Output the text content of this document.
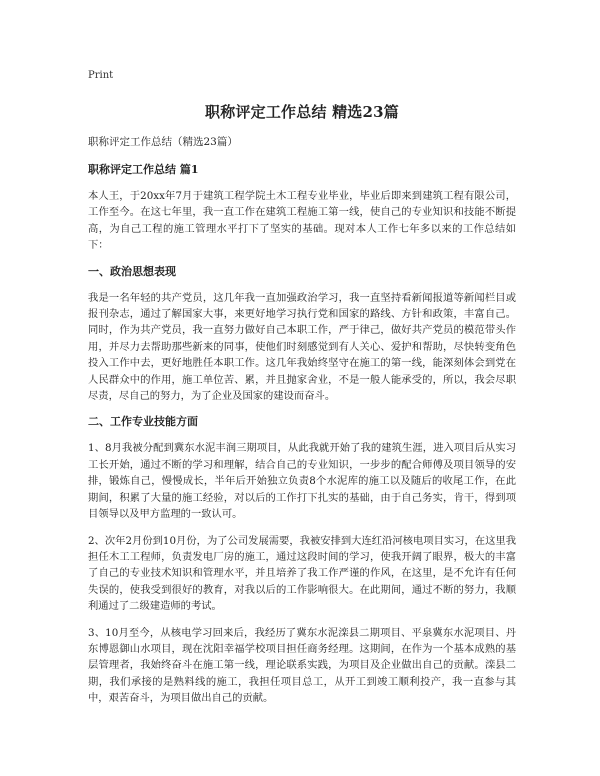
Print
职称评定工作总结 精选23篇

职称评定工作总结（精选23篇）

职称评定工作总结 篇1

本人王，于20xx年7月于建筑工程学院土木工程专业毕业，毕业后即来到建筑工程有限公司，工作至今。在这七年里，我一直工作在建筑工程施工第一线，使自己的专业知识和技能不断提高，为自己工程的施工管理水平打下了坚实的基础。现对本人工作七年多以来的工作总结如下：

一、政治思想表现

我是一名年轻的共产党员，这几年我一直加强政治学习，我一直坚持看新闻报道等新闻栏目或报刊杂志，通过了解国家大事，来更好地学习执行党和国家的路线、方针和政策，丰富自己。同时，作为共产党员，我一直努力做好自己本职工作，严于律己，做好共产党员的模范带头作用，并尽力去帮助那些新来的同事，使他们时刻感觉到有人关心、爱护和帮助，尽快转变角色投入工作中去，更好地胜任本职工作。这几年我始终坚守在施工的第一线，能深刻体会到党在人民群众中的作用，施工单位苦、累，并且抛家舍业，不是一般人能承受的，所以，我会尽职尽责，尽自己的努力，为了企业及国家的建设而奋斗。

二、工作专业技能方面

1、8月我被分配到冀东水泥丰润三期项目，从此我就开始了我的建筑生涯，进入项目后从实习工长开始，通过不断的学习和理解，结合自己的专业知识，一步步的配合师傅及项目领导的安排，锻炼自己，慢慢成长，半年后开始独立负责8个水泥库的施工以及随后的收尾工作，在此期间，积累了大量的施工经验，对以后的工作打下扎实的基础，由于自己务实，肯干，得到项目领导以及甲方监理的一致认可。

2、次年2月份到10月份，为了公司发展需要，我被安排到大连红沿河核电项目实习，在这里我担任木工工程师，负责发电厂房的施工，通过这段时间的学习，使我开阔了眼界，极大的丰富了自己的专业技术知识和管理水平，并且培养了我工作严谨的作风，在这里，是不允许有任何失误的，使我受到很好的教育，对我以后的工作影响很大。在此期间，通过不断的努力，我顺利通过了二级建造师的考试。

3、10月至今，从核电学习回来后，我经历了冀东水泥滦县二期项目、平泉冀东水泥项目、丹东博恩御山水项目，现在沈阳幸福学校项目担任商务经理。这期间，在作为一个基本成熟的基层管理者，我始终奋斗在施工第一线，理论联系实践，为项目及企业做出自己的贡献。滦县二期，我们承接的是熟料线的施工，我担任项目总工，从开工到竣工顺利投产，我一直参与其中，艰苦奋斗，为项目做出自己的贡献。
